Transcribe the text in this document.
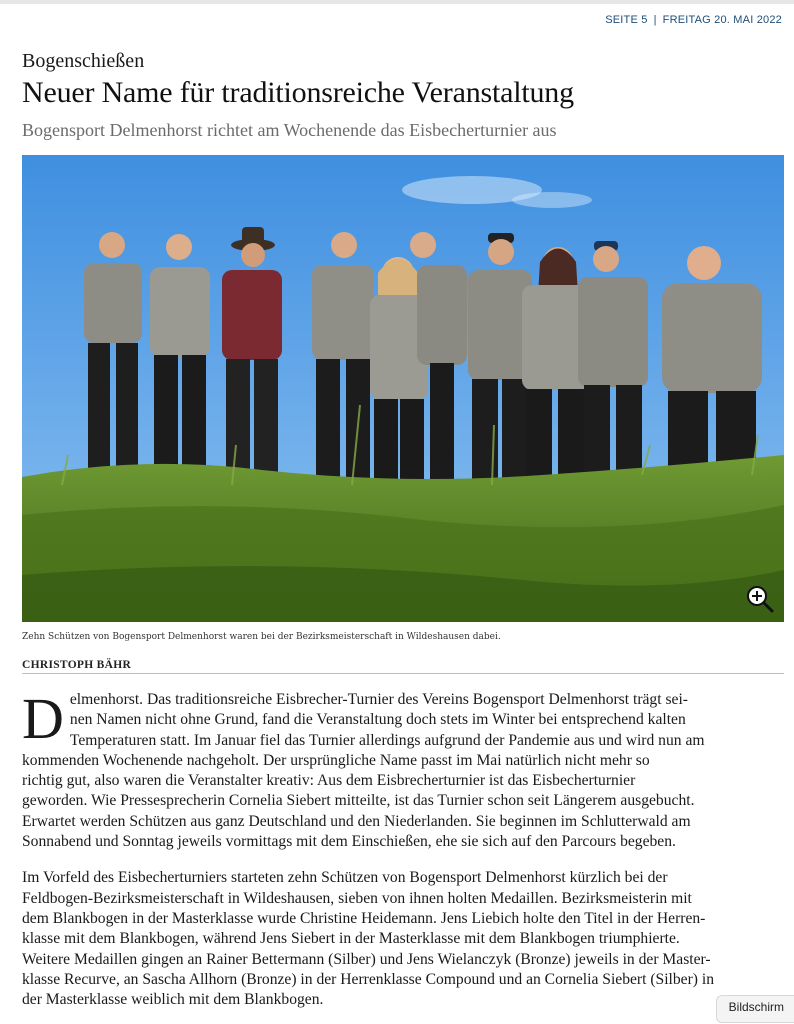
SEITE 5 | FREITAG 20. MAI 2022
Bogenschießen
Neuer Name für traditionsreiche Veranstaltung
Bogensport Delmenhorst richtet am Wochenende das Eisbecherturnier aus
Zehn Schützen von Bogensport Delmenhorst waren bei der Bezirksmeisterschaft in Wildeshausen dabei.
CHRISTOPH BÄHR

D elmenhorst. Das traditionsreiche Eisbrecher-Turnier des Vereins Bogensport Delmenhorst trägt sei-
nen Namen nicht ohne Grund, fand die Veranstaltung doch stets im Winter bei entsprechend kalten
Temperaturen statt. Im Januar fiel das Turnier allerdings aufgrund der Pandemie aus und wird nun am
kommenden Wochenende nachgeholt. Der ursprüngliche Name passt im Mai natürlich nicht mehr so
richtig gut, also waren die Veranstalter kreativ: Aus dem Eisbrecherturnier ist das Eisbecherturnier
geworden. Wie Pressesprecherin Cornelia Siebert mitteilte, ist das Turnier schon seit Längerem ausgebucht.
Erwartet werden Schützen aus ganz Deutschland und den Niederlanden. Sie beginnen im Schlutterwald am
Sonnabend und Sonntag jeweils vormittags mit dem Einschießen, ehe sie sich auf den Parcours begeben.

Im Vorfeld des Eisbecherturniers starteten zehn Schützen von Bogensport Delmenhorst kürzlich bei der
Feldbogen-Bezirksmeisterschaft in Wildeshausen, sieben von ihnen holten Medaillen. Bezirksmeisterin mit
dem Blankbogen in der Masterklasse wurde Christine Heidemann. Jens Liebich holte den Titel in der Herren-
klasse mit dem Blankbogen, während Jens Siebert in der Masterklasse mit dem Blankbogen triumphierte.
Weitere Medaillen gingen an Rainer Bettermann (Silber) und Jens Wielanczyk (Bronze) jeweils in der Master-
klasse Recurve, an Sascha Allhorn (Bronze) in der Herrenklasse Compound und an Cornelia Siebert (Silber) in
der Masterklasse weiblich mit dem Blankbogen.	Bildschirm
